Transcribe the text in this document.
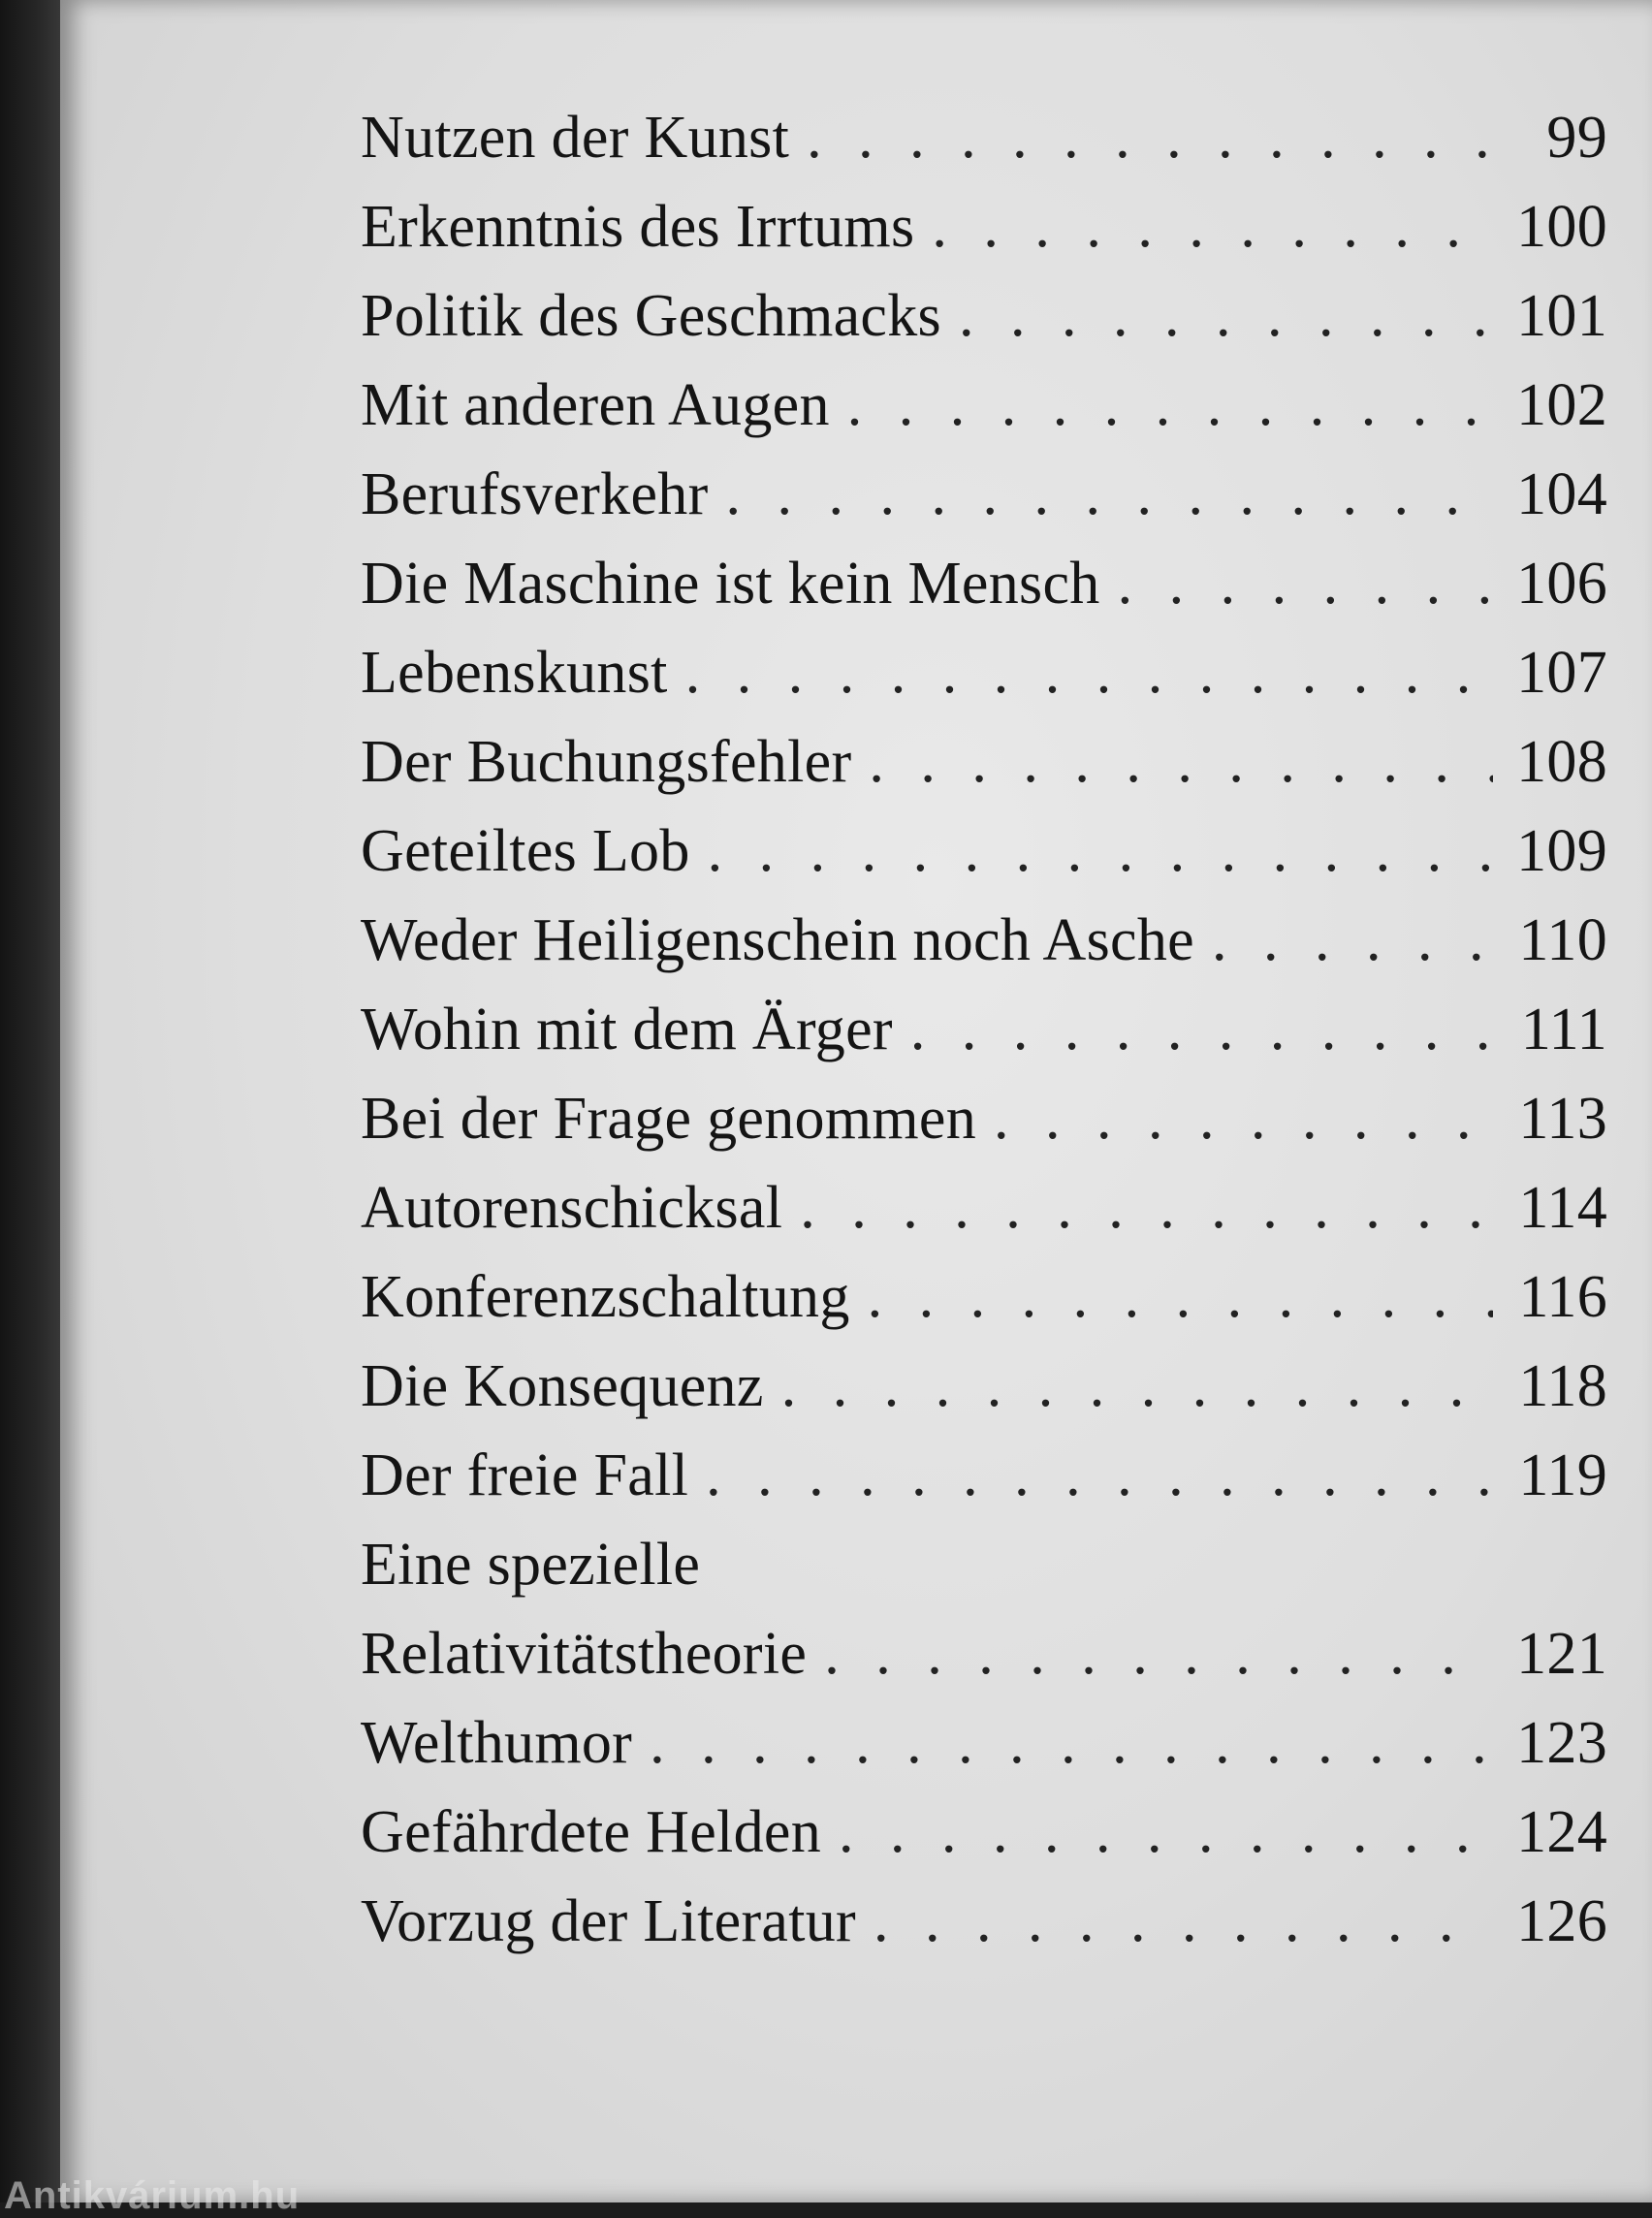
Nutzen der Kunst . . .	99
Erkenntnis des Irrtums . . .	100
Politik des Geschmacks . . .	101
Mit anderen Augen . . .	102
Berufsverkehr . . .	104
Die Maschine ist kein Mensch . . .	106
Lebenskunst . . .	107
Der Buchungsfehler . . .	108
Geteiltes Lob . . .	109
Weder Heiligenschein noch Asche . . .	110
Wohin mit dem Ärger . . .	111
Bei der Frage genommen . . .	113
Autorenschicksal . . .	114
Konferenzschaltung . . .	116
Die Konsequenz . . .	118
Der freie Fall . . .	119
Eine spezielle
Relativitätstheorie . . .	121
Welthumor . . .	123
Gefährdete Helden . . .	124
Vorzug der Literatur . . .	126
Antikvárium.hu
